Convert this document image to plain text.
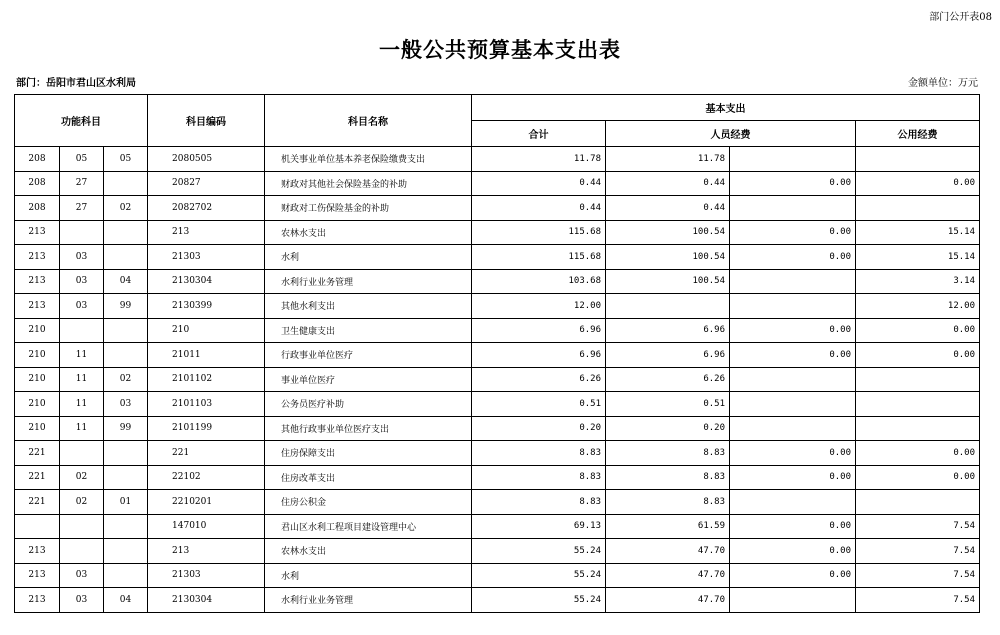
部门公开表08
一般公共预算基本支出表
部门：岳阳市君山区水利局	金额单位：万元
功能科目			科目编码	科目名称	基本支出			
					合计	人员经费		公用经费
208	05	05	2080505	机关事业单位基本养老保险缴费支出	11.78	11.78		
208	27		20827	财政对其他社会保险基金的补助	0.44	0.44	0.00	0.00
208	27	02	2082702	财政对工伤保险基金的补助	0.44	0.44		
213			213	农林水支出	115.68	100.54	0.00	15.14
213	03		21303	水利	115.68	100.54	0.00	15.14
213	03	04	2130304	水利行业业务管理	103.68	100.54		3.14
213	03	99	2130399	其他水利支出	12.00			12.00
210			210	卫生健康支出	6.96	6.96	0.00	0.00
210	11		21011	行政事业单位医疗	6.96	6.96	0.00	0.00
210	11	02	2101102	事业单位医疗	6.26	6.26		
210	11	03	2101103	公务员医疗补助	0.51	0.51		
210	11	99	2101199	其他行政事业单位医疗支出	0.20	0.20		
221			221	住房保障支出	8.83	8.83	0.00	0.00
221	02		22102	住房改革支出	8.83	8.83	0.00	0.00
221	02	01	2210201	住房公积金	8.83	8.83		
			147010	君山区水利工程项目建设管理中心	69.13	61.59	0.00	7.54
213			213	农林水支出	55.24	47.70	0.00	7.54
213	03		21303	水利	55.24	47.70	0.00	7.54
213	03	04	2130304	水利行业业务管理	55.24	47.70		7.54
